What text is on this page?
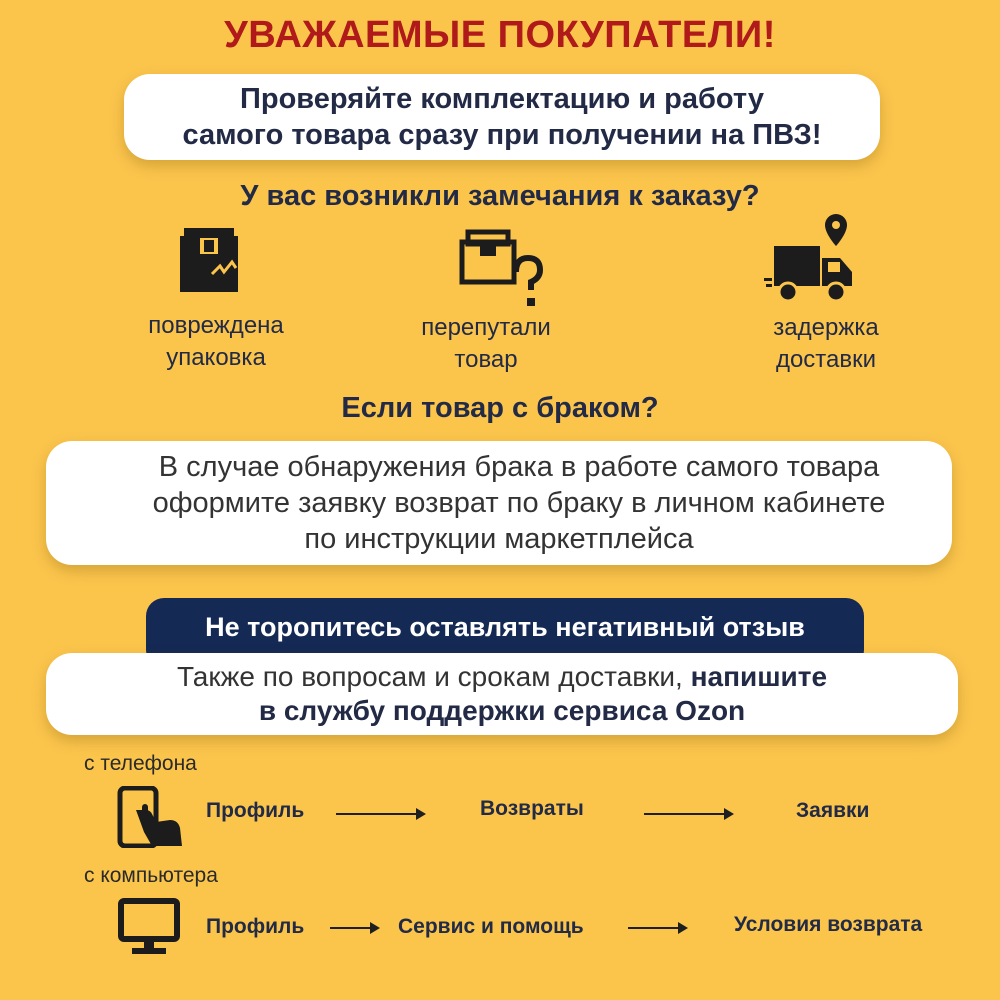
УВАЖАЕМЫЕ ПОКУПАТЕЛИ!
Проверяйте комплектацию и работу
самого товара сразу при получении на ПВЗ!
У вас возникли замечания к заказу?
повреждена
упаковка
перепутали
товар
задержка
доставки
Если товар с браком?
В случае обнаружения брака в работе самого товара
оформите заявку возврат по браку в личном кабинете
по инструкции маркетплейса
Не торопитесь оставлять негативный отзыв
Также по вопросам и срокам доставки, напишите
в службу поддержки сервиса Ozon
с телефона
Профиль	Возвраты	Заявки
с компьютера
Профиль	Сервис и помощь	Условия возврата
